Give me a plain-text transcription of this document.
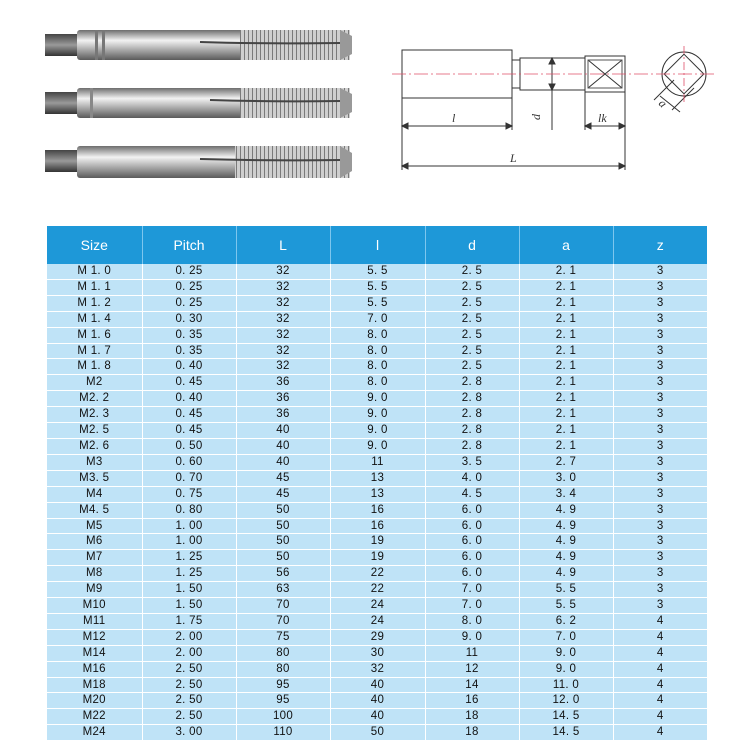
l	d	lk
L
a
Size	Pitch	L	l	d	a	z
M 1. 0	0. 25	32	5. 5	2. 5	2. 1	3
M 1. 1	0. 25	32	5. 5	2. 5	2. 1	3
M 1. 2	0. 25	32	5. 5	2. 5	2. 1	3
M 1. 4	0. 30	32	7. 0	2. 5	2. 1	3
M 1. 6	0. 35	32	8. 0	2. 5	2. 1	3
M 1. 7	0. 35	32	8. 0	2. 5	2. 1	3
M 1. 8	0. 40	32	8. 0	2. 5	2. 1	3
M2	0. 45	36	8. 0	2. 8	2. 1	3
M2. 2	0. 40	36	9. 0	2. 8	2. 1	3
M2. 3	0. 45	36	9. 0	2. 8	2. 1	3
M2. 5	0. 45	40	9. 0	2. 8	2. 1	3
M2. 6	0. 50	40	9. 0	2. 8	2. 1	3
M3	0. 60	40	11	3. 5	2. 7	3
M3. 5	0. 70	45	13	4. 0	3. 0	3
M4	0. 75	45	13	4. 5	3. 4	3
M4. 5	0. 80	50	16	6. 0	4. 9	3
M5	1. 00	50	16	6. 0	4. 9	3
M6	1. 00	50	19	6. 0	4. 9	3
M7	1. 25	50	19	6. 0	4. 9	3
M8	1. 25	56	22	6. 0	4. 9	3
M9	1. 50	63	22	7. 0	5. 5	3
M10	1. 50	70	24	7. 0	5. 5	3
M11	1. 75	70	24	8. 0	6. 2	4
M12	2. 00	75	29	9. 0	7. 0	4
M14	2. 00	80	30	11	9. 0	4
M16	2. 50	80	32	12	9. 0	4
M18	2. 50	95	40	14	11. 0	4
M20	2. 50	95	40	16	12. 0	4
M22	2. 50	100	40	18	14. 5	4
M24	3. 00	110	50	18	14. 5	4
